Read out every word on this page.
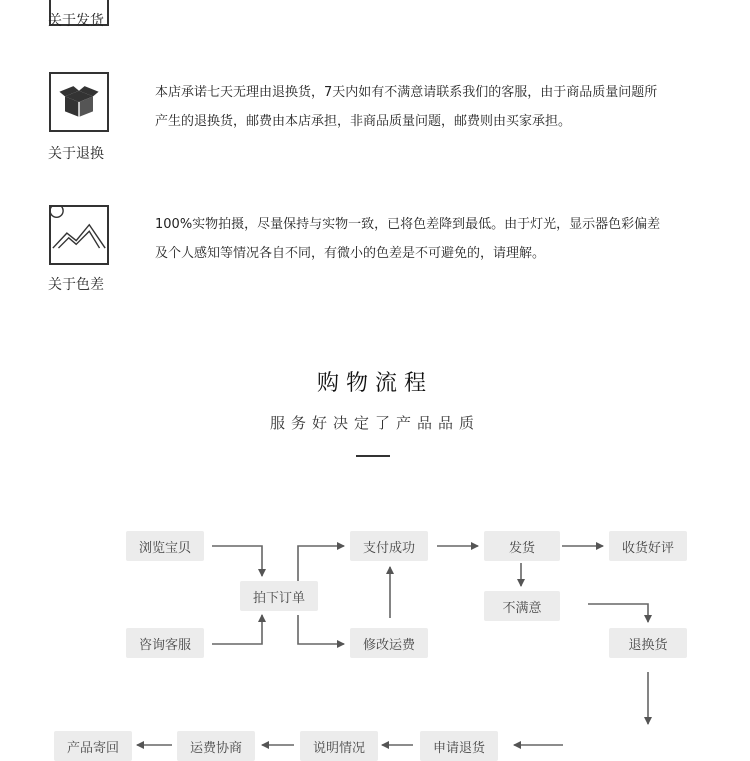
关于发货
关于退换

本店承诺七天无理由退换货，7天内如有不满意请联系我们的客服，由于商品质量问题所

产生的退换货，邮费由本店承担，非商品质量问题，邮费则由买家承担。

关于色差

100%实物拍摄，尽量保持与实物一致，已将色差降到最低。由于灯光，显示器色彩偏差

及个人感知等情况各自不同，有微小的色差是不可避免的，请理解。

购物流程
服务好决定了产品品质
浏览宝贝
咨询客服
拍下订单
支付成功
修改运费
发货	收货好评
不满意
退换货
申请退货
说明情况
运费协商
产品寄回
